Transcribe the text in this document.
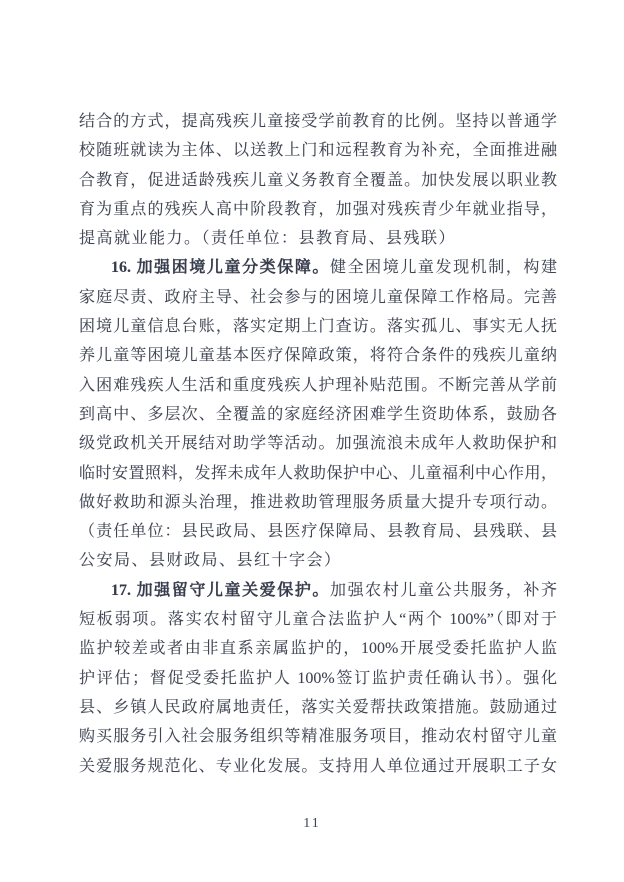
结合的方式，提高残疾儿童接受学前教育的比例。坚持以普通学

校随班就读为主体、以送教上门和远程教育为补充，全面推进融

合教育，促进适龄残疾儿童义务教育全覆盖。加快发展以职业教

育为重点的残疾人高中阶段教育，加强对残疾青少年就业指导，

提高就业能力。（责任单位：县教育局、县残联）

16. 加强困境儿童分类保障。健全困境儿童发现机制，构建

家庭尽责、政府主导、社会参与的困境儿童保障工作格局。完善

困境儿童信息台账，落实定期上门查访。落实孤儿、事实无人抚

养儿童等困境儿童基本医疗保障政策，将符合条件的残疾儿童纳

入困难残疾人生活和重度残疾人护理补贴范围。不断完善从学前

到高中、多层次、全覆盖的家庭经济困难学生资助体系，鼓励各

级党政机关开展结对助学等活动。加强流浪未成年人救助保护和

临时安置照料，发挥未成年人救助保护中心、儿童福利中心作用，

做好救助和源头治理，推进救助管理服务质量大提升专项行动。

（责任单位：县民政局、县医疗保障局、县教育局、县残联、县

公安局、县财政局、县红十字会）

17. 加强留守儿童关爱保护。加强农村儿童公共服务，补齐

短板弱项。落实农村留守儿童合法监护人“两个 100%”（即对于

监护较差或者由非直系亲属监护的，100%开展受委托监护人监

护评估；督促受委托监护人 100%签订监护责任确认书）。强化

县、乡镇人民政府属地责任，落实关爱帮扶政策措施。鼓励通过

购买服务引入社会服务组织等精准服务项目，推动农村留守儿童

关爱服务规范化、专业化发展。支持用人单位通过开展职工子女

11
